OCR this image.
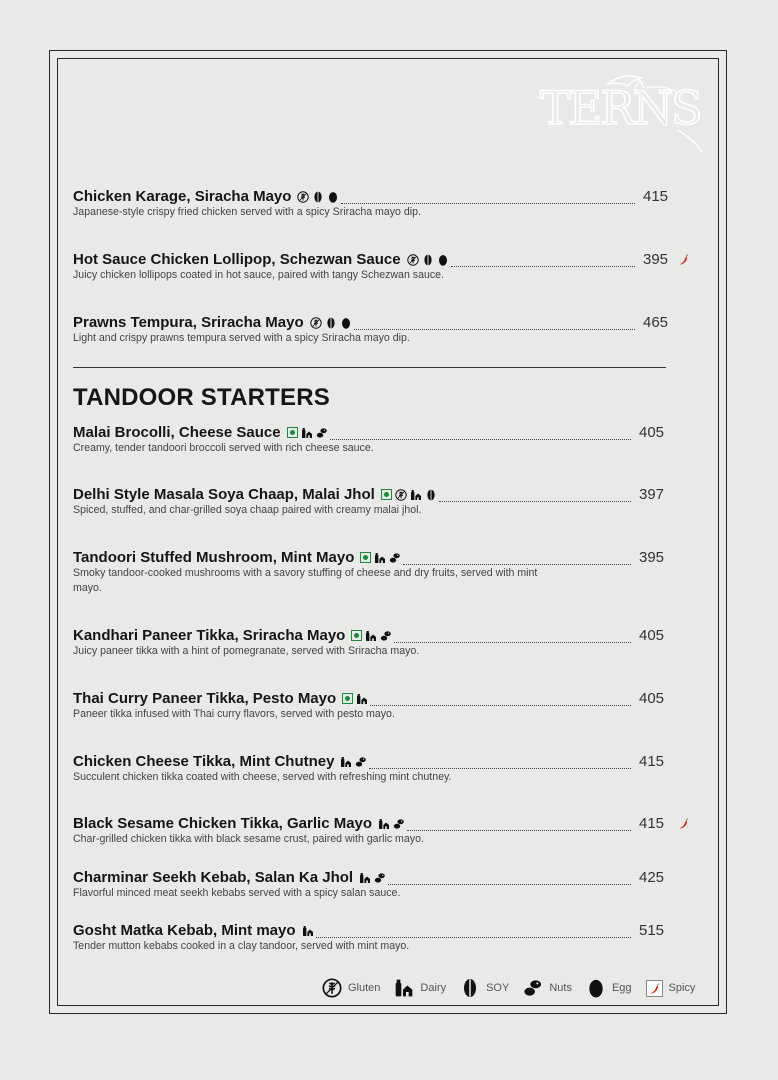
TERNS
Chicken Karage, Siracha Mayo	415
Japanese-style crispy fried chicken served with a spicy Sriracha mayo dip.
Hot Sauce Chicken Lollipop, Schezwan Sauce	395
Juicy chicken lollipops coated in hot sauce, paired with tangy Schezwan sauce.
Prawns Tempura, Sriracha Mayo	465
Light and crispy prawns tempura served with a spicy Sriracha mayo dip.
TANDOOR STARTERS
Malai Brocolli, Cheese Sauce	405
Creamy, tender tandoori broccoli served with rich cheese sauce.
Delhi Style Masala Soya Chaap, Malai Jhol	397
Spiced, stuffed, and char-grilled soya chaap paired with creamy malai jhol.
Tandoori Stuffed Mushroom, Mint Mayo	395
Smoky tandoor-cooked mushrooms with a savory stuffing of cheese and dry fruits, served with mint mayo.
Kandhari Paneer Tikka, Sriracha Mayo	405
Juicy paneer tikka with a hint of pomegranate, served with Sriracha mayo.
Thai Curry Paneer Tikka, Pesto Mayo	405
Paneer tikka infused with Thai curry flavors, served with pesto mayo.
Chicken Cheese Tikka, Mint Chutney	415
Succulent chicken tikka coated with cheese, served with refreshing mint chutney.
Black Sesame Chicken Tikka, Garlic Mayo	415
Char-grilled chicken tikka with black sesame crust, paired with garlic mayo.
Charminar Seekh Kebab, Salan Ka Jhol	425
Flavorful minced meat seekh kebabs served with a spicy salan sauce.
Gosht Matka Kebab, Mint mayo	515
Tender mutton kebabs cooked in a clay tandoor, served with mint mayo.
Gluten	Dairy	SOY	Nuts	Egg	Spicy
